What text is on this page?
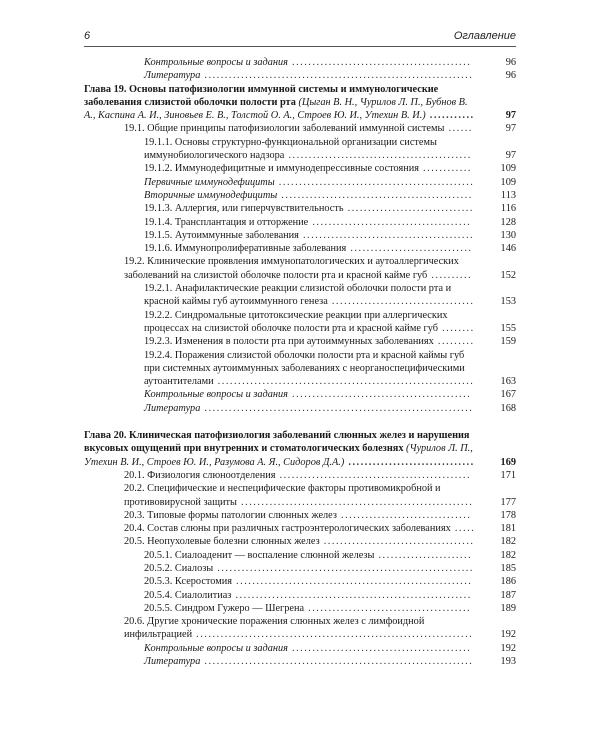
6	Оглавление
Контрольные вопросы и задания ............................................	96
Литература ..................................................................	96
Глава 19. Основы патофизиологии иммунной системы и иммунологические заболевания слизистой оболочки полости рта (Цыган В. Н., Чурилов Л. П., Бубнов В. А., Каспина А. И., Зиновьев Е. В., Толстой О. А., Строев Ю. И., Утехин В. И.) ...........	97
19.1. Общие принципы патофизиологии заболеваний иммунной системы ......	97
19.1.1. Основы структурно-функциональной организации системы иммунобиологического надзора .............................................	97
19.1.2. Иммунодефицитные и иммунодепрессивные состояния ............	109
Первичные иммунодефициты ................................................	109
Вторичные иммунодефициты ...............................................	113
19.1.3. Аллергия, или гиперчувствительность ...............................	116
19.1.4. Трансплантация и отторжение .......................................	128
19.1.5. Аутоиммунные заболевания ..........................................	130
19.1.6. Иммунопролиферативные заболевания ..............................	146
19.2. Клинические проявления иммунопатологических и аутоаллергических заболеваний на слизистой оболочке полости рта и красной кайме губ ..........	152
19.2.1. Анафилактические реакции слизистой оболочки полости рта и красной каймы губ аутоиммунного генеза ...................................	153
19.2.2. Синдромальные цитотоксические реакции при аллергических процессах на слизистой оболочке полости рта и красной кайме губ ........	155
19.2.3. Изменения в полости рта при аутоиммунных заболеваниях .........	159
19.2.4. Поражения слизистой оболочки полости рта и красной каймы губ при системных аутоиммунных заболеваниях с неорганоспецифическими аутоантителами ...............................................................	163
Контрольные вопросы и задания ............................................	167
Литература ..................................................................	168
Глава 20. Клиническая патофизиология заболеваний слюнных желез и нарушения вкусовых ощущений при внутренних и стоматологических болезнях (Чурилов Л. П., Утехин В. И., Строев Ю. И., Разумова А. Я., Сидоров Д.А.) ...............................	169
20.1. Физиология слюноотделения ...............................................	171
20.2. Специфические и неспецифические факторы противомикробной и противовирусной защиты .........................................................	177
20.3. Типовые формы патологии слюнных желез ................................	178
20.4. Состав слюны при различных гастроэнтерологических заболеваниях .....	181
20.5. Неопухолевые болезни слюнных желез .....................................	182
20.5.1. Сиалоаденит — воспаление слюнной железы .......................	182
20.5.2. Сиалозы ...............................................................	185
20.5.3. Ксеростомия ..........................................................	186
20.5.4. Сиалолитиаз ..........................................................	187
20.5.5. Синдром Гужеро — Шегрена ........................................	189
20.6. Другие хронические поражения слюнных желез с лимфоидной инфильтрацией ....................................................................	192
Контрольные вопросы и задания ............................................	192
Литература ..................................................................	193
